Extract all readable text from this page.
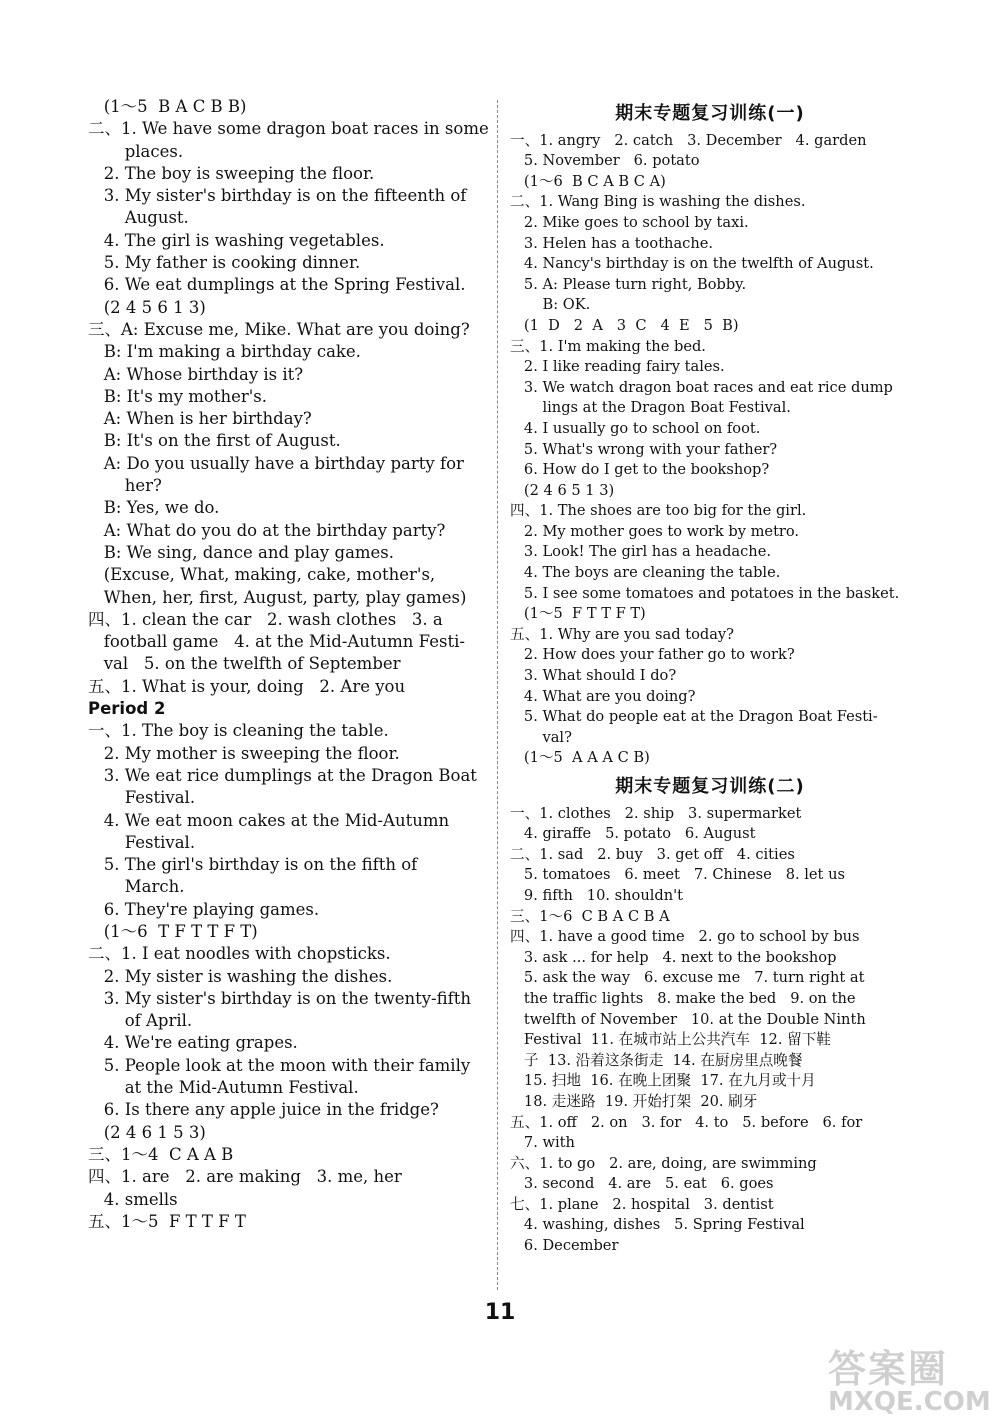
(1～5  B A C B B)
二、1. We have some dragon boat races in some
places.
2. The boy is sweeping the floor.
3. My sister's birthday is on the fifteenth of
August.
4. The girl is washing vegetables.
5. My father is cooking dinner.
6. We eat dumplings at the Spring Festival.
(2 4 5 6 1 3)
三、A: Excuse me, Mike. What are you doing?
B: I'm making a birthday cake.
A: Whose birthday is it?
B: It's my mother's.
A: When is her birthday?
B: It's on the first of August.
A: Do you usually have a birthday party for
her?
B: Yes, we do.
A: What do you do at the birthday party?
B: We sing, dance and play games.
(Excuse, What, making, cake, mother's,
When, her, first, August, party, play games)
四、1. clean the car   2. wash clothes   3. a
football game   4. at the Mid-Autumn Festi-
val   5. on the twelfth of September
五、1. What is your, doing   2. Are you
Period 2
一、1. The boy is cleaning the table.
2. My mother is sweeping the floor.
3. We eat rice dumplings at the Dragon Boat
Festival.
4. We eat moon cakes at the Mid-Autumn
Festival.
5. The girl's birthday is on the fifth of
March.
6. They're playing games.
(1～6  T F T T F T)
二、1. I eat noodles with chopsticks.
2. My sister is washing the dishes.
3. My sister's birthday is on the twenty-fifth
of April.
4. We're eating grapes.
5. People look at the moon with their family
at the Mid-Autumn Festival.
6. Is there any apple juice in the fridge?
(2 4 6 1 5 3)
三、1～4  C A A B
四、1. are   2. are making   3. me, her
4. smells
五、1～5  F T T F T
期末专题复习训练(一)
一、1. angry   2. catch   3. December   4. garden
5. November   6. potato
(1～6  B C A B C A)
二、1. Wang Bing is washing the dishes.
2. Mike goes to school by taxi.
3. Helen has a toothache.
4. Nancy's birthday is on the twelfth of August.
5. A: Please turn right, Bobby.
B: OK.
(1  D   2  A   3  C   4  E   5  B)
三、1. I'm making the bed.
2. I like reading fairy tales.
3. We watch dragon boat races and eat rice dump
lings at the Dragon Boat Festival.
4. I usually go to school on foot.
5. What's wrong with your father?
6. How do I get to the bookshop?
(2 4 6 5 1 3)
四、1. The shoes are too big for the girl.
2. My mother goes to work by metro.
3. Look! The girl has a headache.
4. The boys are cleaning the table.
5. I see some tomatoes and potatoes in the basket.
(1～5  F T T F T)
五、1. Why are you sad today?
2. How does your father go to work?
3. What should I do?
4. What are you doing?
5. What do people eat at the Dragon Boat Festi-
val?
(1～5  A A A C B)
期末专题复习训练(二)
一、1. clothes   2. ship   3. supermarket
4. giraffe   5. potato   6. August
二、1. sad   2. buy   3. get off   4. cities
5. tomatoes   6. meet   7. Chinese   8. let us
9. fifth   10. shouldn't
三、1～6  C B A C B A
四、1. have a good time   2. go to school by bus
3. ask ... for help   4. next to the bookshop
5. ask the way   6. excuse me   7. turn right at
the traffic lights   8. make the bed   9. on the
twelfth of November   10. at the Double Ninth
Festival  11. 在城市站上公共汽车  12. 留下鞋
子  13. 沿着这条街走  14. 在厨房里点晚餐
15. 扫地  16. 在晚上团聚  17. 在九月或十月
18. 走迷路  19. 开始打架  20. 刷牙
五、1. off   2. on   3. for   4. to   5. before   6. for
7. with
六、1. to go   2. are, doing, are swimming
3. second   4. are   5. eat   6. goes
七、1. plane   2. hospital   3. dentist
4. washing, dishes   5. Spring Festival
6. December
11
答案圈
MXQE.COM
